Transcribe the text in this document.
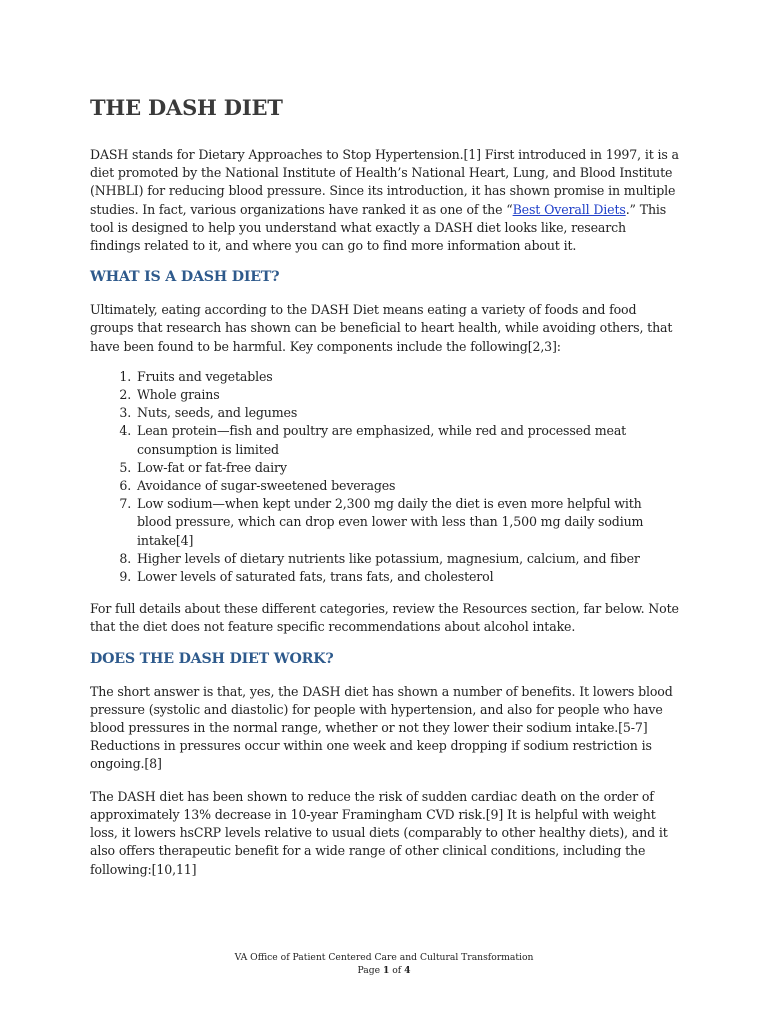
THE DASH DIET

DASH stands for Dietary Approaches to Stop Hypertension.[1] First introduced in 1997, it is a diet promoted by the National Institute of Health’s National Heart, Lung, and Blood Institute (NHBLI) for reducing blood pressure. Since its introduction, it has shown promise in multiple studies. In fact, various organizations have ranked it as one of the “Best Overall Diets.” This tool is designed to help you understand what exactly a DASH diet looks like, research findings related to it, and where you can go to find more information about it.

WHAT IS A DASH DIET?

Ultimately, eating according to the DASH Diet means eating a variety of foods and food groups that research has shown can be beneficial to heart health, while avoiding others, that have been found to be harmful. Key components include the following[2,3]:

1. Fruits and vegetables
2. Whole grains
3. Nuts, seeds, and legumes
4. Lean protein—fish and poultry are emphasized, while red and processed meat consumption is limited
5. Low-fat or fat-free dairy
6. Avoidance of sugar-sweetened beverages
7. Low sodium—when kept under 2,300 mg daily the diet is even more helpful with blood pressure, which can drop even lower with less than 1,500 mg daily sodium intake[4]
8. Higher levels of dietary nutrients like potassium, magnesium, calcium, and fiber
9. Lower levels of saturated fats, trans fats, and cholesterol

For full details about these different categories, review the Resources section, far below. Note that the diet does not feature specific recommendations about alcohol intake.

DOES THE DASH DIET WORK?

The short answer is that, yes, the DASH diet has shown a number of benefits. It lowers blood pressure (systolic and diastolic) for people with hypertension, and also for people who have blood pressures in the normal range, whether or not they lower their sodium intake.[5-7] Reductions in pressures occur within one week and keep dropping if sodium restriction is ongoing.[8]

The DASH diet has been shown to reduce the risk of sudden cardiac death on the order of approximately 13% decrease in 10-year Framingham CVD risk.[9] It is helpful with weight loss, it lowers hsCRP levels relative to usual diets (comparably to other healthy diets), and it also offers therapeutic benefit for a wide range of other clinical conditions, including the following:[10,11]

VA Office of Patient Centered Care and Cultural Transformation
Page 1 of 4
